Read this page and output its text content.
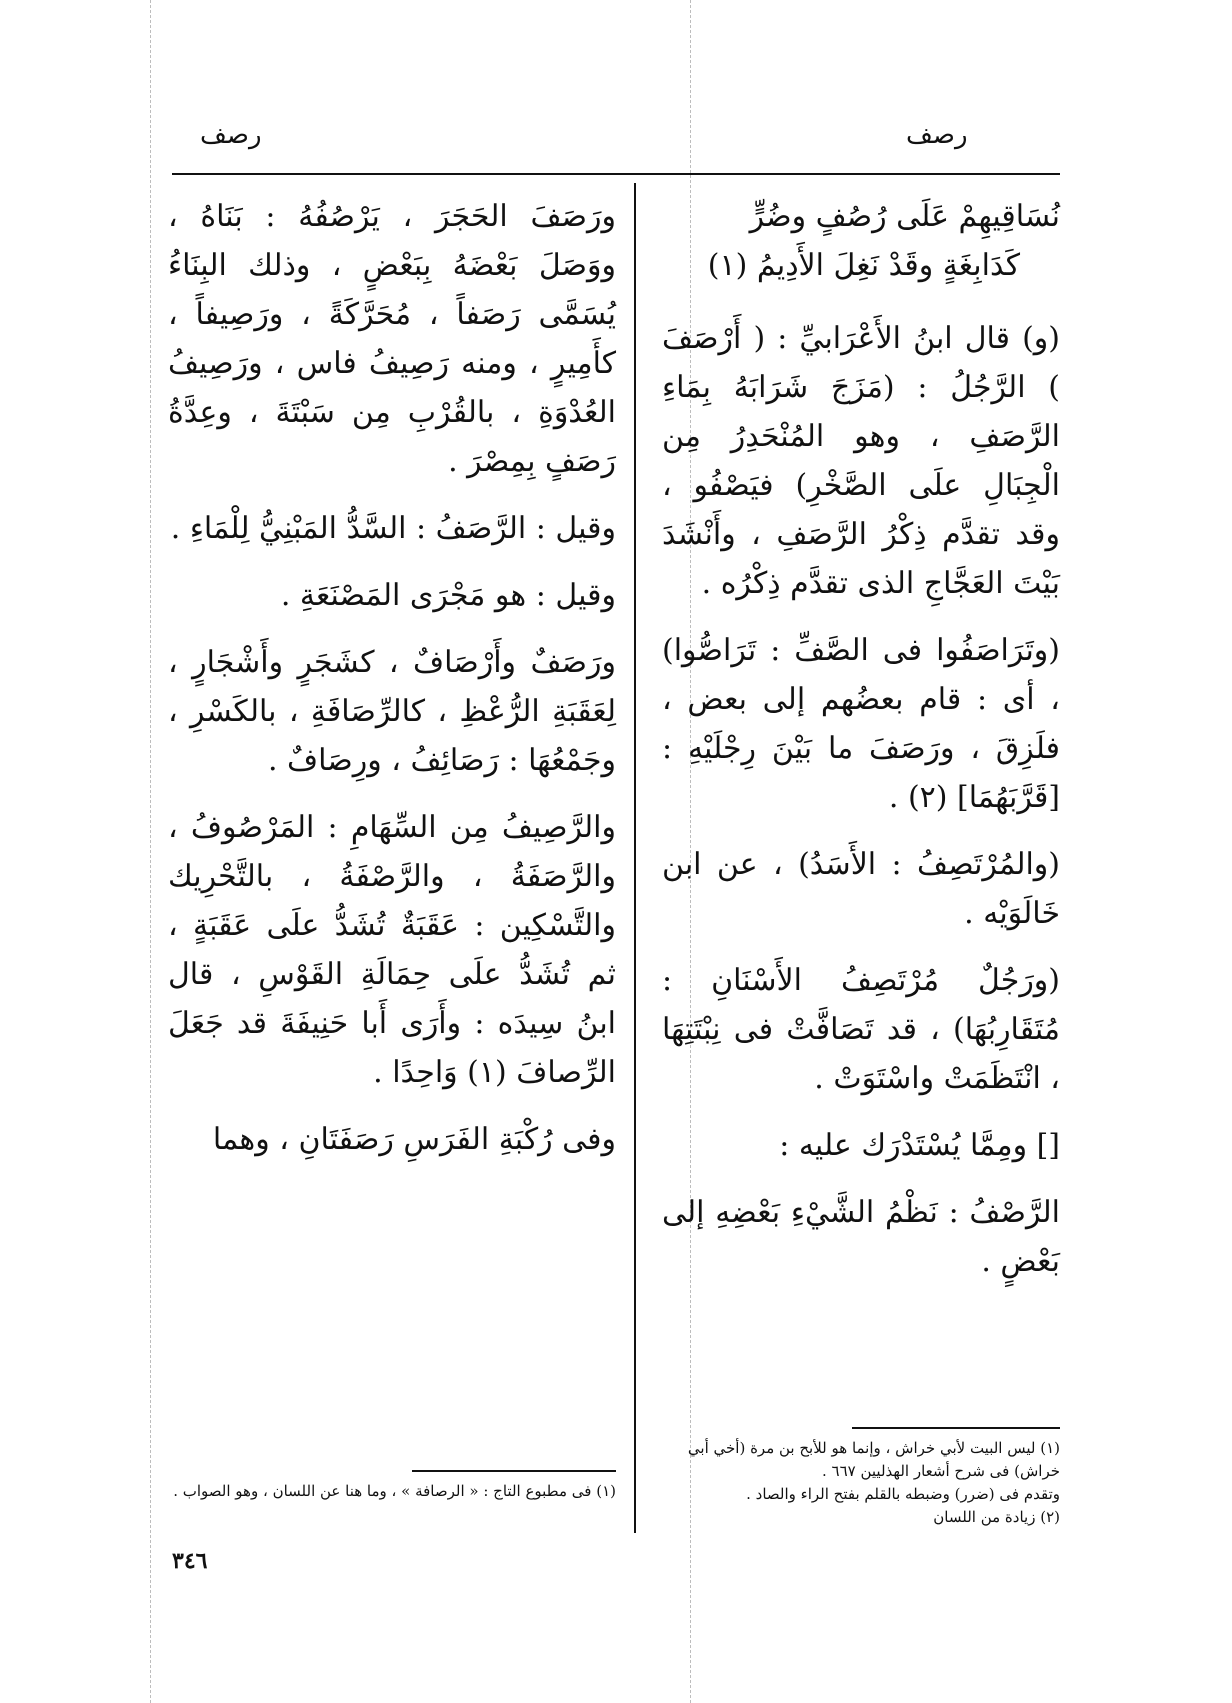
رصف
رصف
نُسَاقِيهِمْ عَلَى رُصُفٍ وضُرٍّ
كَدَابِغَةٍ وقَدْ نَغِلَ الأَدِيمُ (١)

(و) قال ابنُ الأَعْرَابيِّ : ( أَرْصَفَ ) الرَّجُلُ : (مَزَجَ شَرَابَهُ بِمَاءِ الرَّصَفِ ، وهو المُنْحَدِرُ مِن الْجِبَالِ علَى الصَّخْرِ) فيَصْفُو ، وقد تقدَّم ذِكْرُ الرَّصَفِ ، وأَنْشَدَ بَيْتَ العَجَّاجِ الذى تقدَّم ذِكْرُه .

(وتَرَاصَفُوا فى الصَّفِّ : تَرَاصُّوا) ، أى : قام بعضُهم إلى بعض ، فلَزِقَ ، ورَصَفَ ما بَيْنَ رِجْلَيْهِ : [قَرَّبَهُمَا] (٢) .

(والمُرْتَصِفُ : الأَسَدُ) ، عن ابن خَالَوَيْه .

(ورَجُلٌ مُرْتَصِفُ الأَسْنَانِ : مُتَقَارِبُهَا) ، قد تَصَافَّتْ فى نِبْتَتِهَا ، انْتَظَمَتْ واسْتَوَتْ .

[] ومِمَّا يُسْتَدْرَك عليه :

الرَّصْفُ : نَظْمُ الشَّيْءِ بَعْضِهِ إلى بَعْضٍ .

ورَصَفَ الحَجَرَ ، يَرْصُفُهُ : بَنَاهُ ، ووَصَلَ بَعْضَهُ بِبَعْضٍ ، وذلك البِنَاءُ يُسَمَّى رَصَفاً ، مُحَرَّكَةً ، ورَصِيفاً ، كأَمِيرٍ ، ومنه رَصِيفُ فاس ، ورَصِيفُ العُدْوَةِ ، بالقُرْبِ مِن سَبْتَةَ ، وعِدَّةُ رَصَفٍ بِمِصْرَ .

وقيل : الرَّصَفُ : السَّدُّ المَبْنِيُّ لِلْمَاءِ .

وقيل : هو مَجْرَى المَصْنَعَةِ .

ورَصَفٌ وأَرْصَافٌ ، كشَجَرٍ وأَشْجَارٍ ، لِعَقَبَةِ الرُّعْظِ ، كالرِّصَافَةِ ، بالكَسْرِ ، وجَمْعُهَا : رَصَائِفُ ، ورِصَافٌ .

والرَّصِيفُ مِن السِّهَامِ : المَرْصُوفُ ، والرَّصَفَةُ ، والرَّصْفَةُ ، بالتَّحْرِيك والتَّسْكِين : عَقَبَةٌ تُشَدُّ علَى عَقَبَةٍ ، ثم تُشَدُّ علَى حِمَالَةِ القَوْسِ ، قال ابنُ سِيدَه : وأَرَى أَبا حَنِيفَةَ قد جَعَلَ الرِّصافَ (١) وَاحِدًا .

وفى رُكْبَةِ الفَرَسِ رَصَفَتَانِ ، وهما

(١) ليس البيت لأبي خراش ، وإنما هو للأبح بن مرة (أخي أبي خراش) فى شرح أشعار الهذليين ٦٦٧ .
وتقدم فى (ضرر) وضبطه بالقلم بفتح الراء والصاد .
(٢) زيادة من اللسان
(١) فى مطبوع التاج : « الرصافة » ، وما هنا عن اللسان ، وهو الصواب .
٣٤٦
